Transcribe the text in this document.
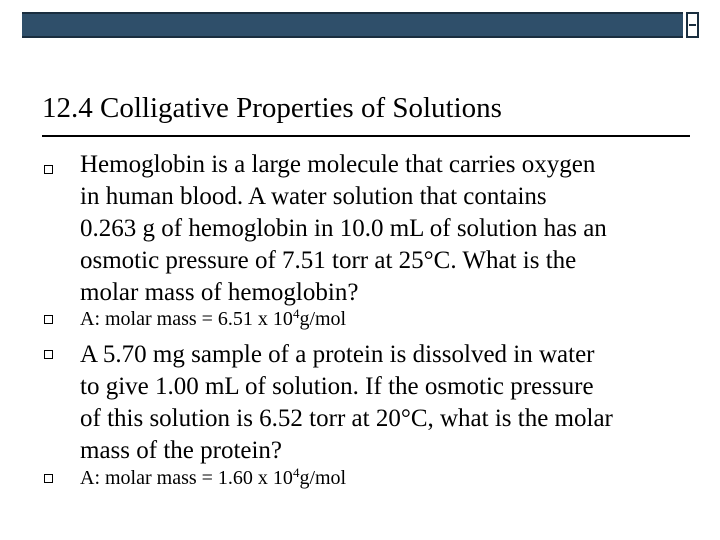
12.4 Colligative Properties of Solutions
Hemoglobin is a large molecule that carries oxygen
in human blood. A water solution that contains
0.263 g of hemoglobin in 10.0 mL of solution has an
osmotic pressure of 7.51 torr at 25°C. What is the
molar mass of hemoglobin?
A: molar mass = 6.51 x $10^4g$/mol
A 5.70 mg sample of a protein is dissolved in water
to give 1.00 mL of solution. If the osmotic pressure
of this solution is 6.52 torr at 20°C, what is the molar
mass of the protein?
A: molar mass = 1.60 x $10^4g$/mol
